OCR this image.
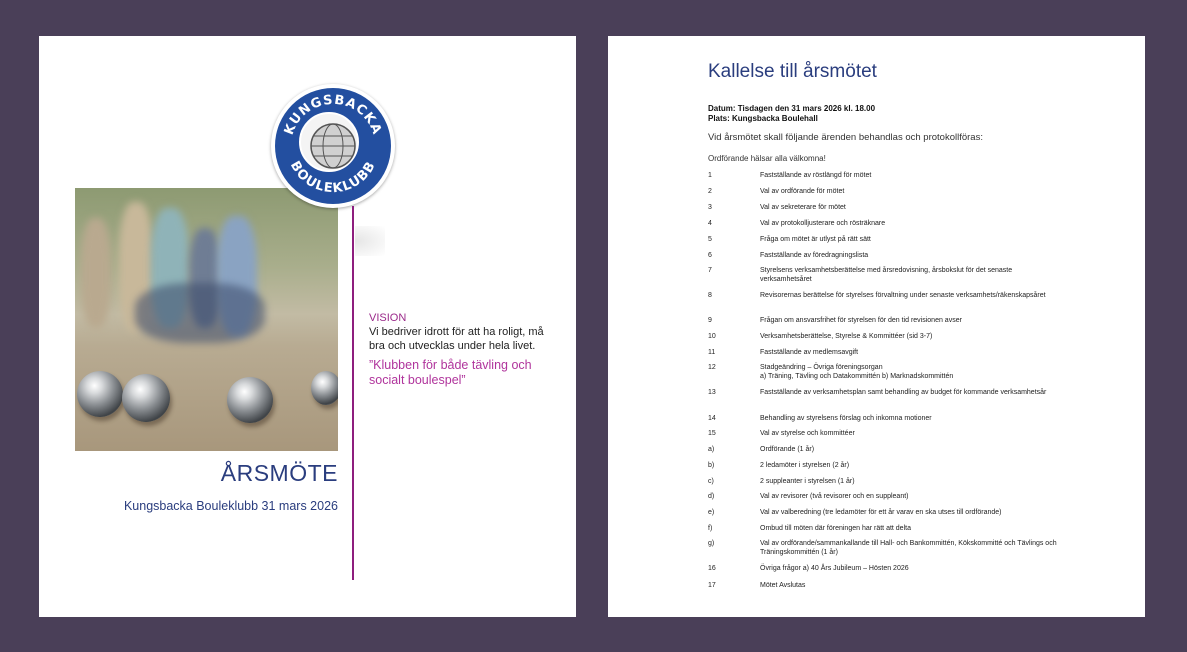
KUNGSBACKA
BOULEKLUBB
VISION
Vi bedriver idrott för att ha roligt, må bra och utvecklas under hela livet.
”Klubben för både tävling och socialt boulespel”
ÅRSMÖTE
Kungsbacka Bouleklubb 31 mars 2026
Kallelse till årsmötet
Datum: Tisdagen den 31 mars 2026 kl. 18.00
Plats: Kungsbacka Boulehall
Vid årsmötet skall följande ärenden behandlas och protokollföras:
Ordförande hälsar alla välkomna!
1	Fastställande av röstlängd för mötet
2	Val av ordförande för mötet
3	Val av sekreterare för mötet
4	Val av protokolljusterare och rösträknare
5	Fråga om mötet är utlyst på rätt sätt
6	Fastställande av föredragningslista
7	Styrelsens verksamhetsberättelse med årsredovisning, årsbokslut för det senaste verksamhetsåret
8	Revisorernas berättelse för styrelses förvaltning under senaste verksamhets/räkenskapsåret
9	Frågan om ansvarsfrihet för styrelsen för den tid revisionen avser
10	Verksamhetsberättelse, Styrelse & Kommittéer (sid 3-7)
11	Fastställande av medlemsavgift
12	Stadgeändring – Övriga föreningsorgan
a) Träning, Tävling och Datakommittén b) Marknadskommittén
13	Fastställande av verksamhetsplan samt behandling av budget för kommande verksamhetsår
14	Behandling av styrelsens förslag och inkomna motioner
15	Val av styrelse och kommittéer
a)	Ordförande (1 år)
b)	2 ledamöter i styrelsen (2 år)
c)	2 suppleanter i styrelsen (1 år)
d)	Val av revisorer (två revisorer och en suppleant)
e)	Val av valberedning (tre ledamöter för ett år varav en ska utses till ordförande)
f)	Ombud till möten där föreningen har rätt att delta
g)	Val av ordförande/sammankallande till Hall- och Bankommittén, Kökskommitté och Tävlings och Träningskommittén (1 år)
16	Övriga frågor a) 40 Års Jubileum – Hösten 2026
17	Mötet Avslutas
